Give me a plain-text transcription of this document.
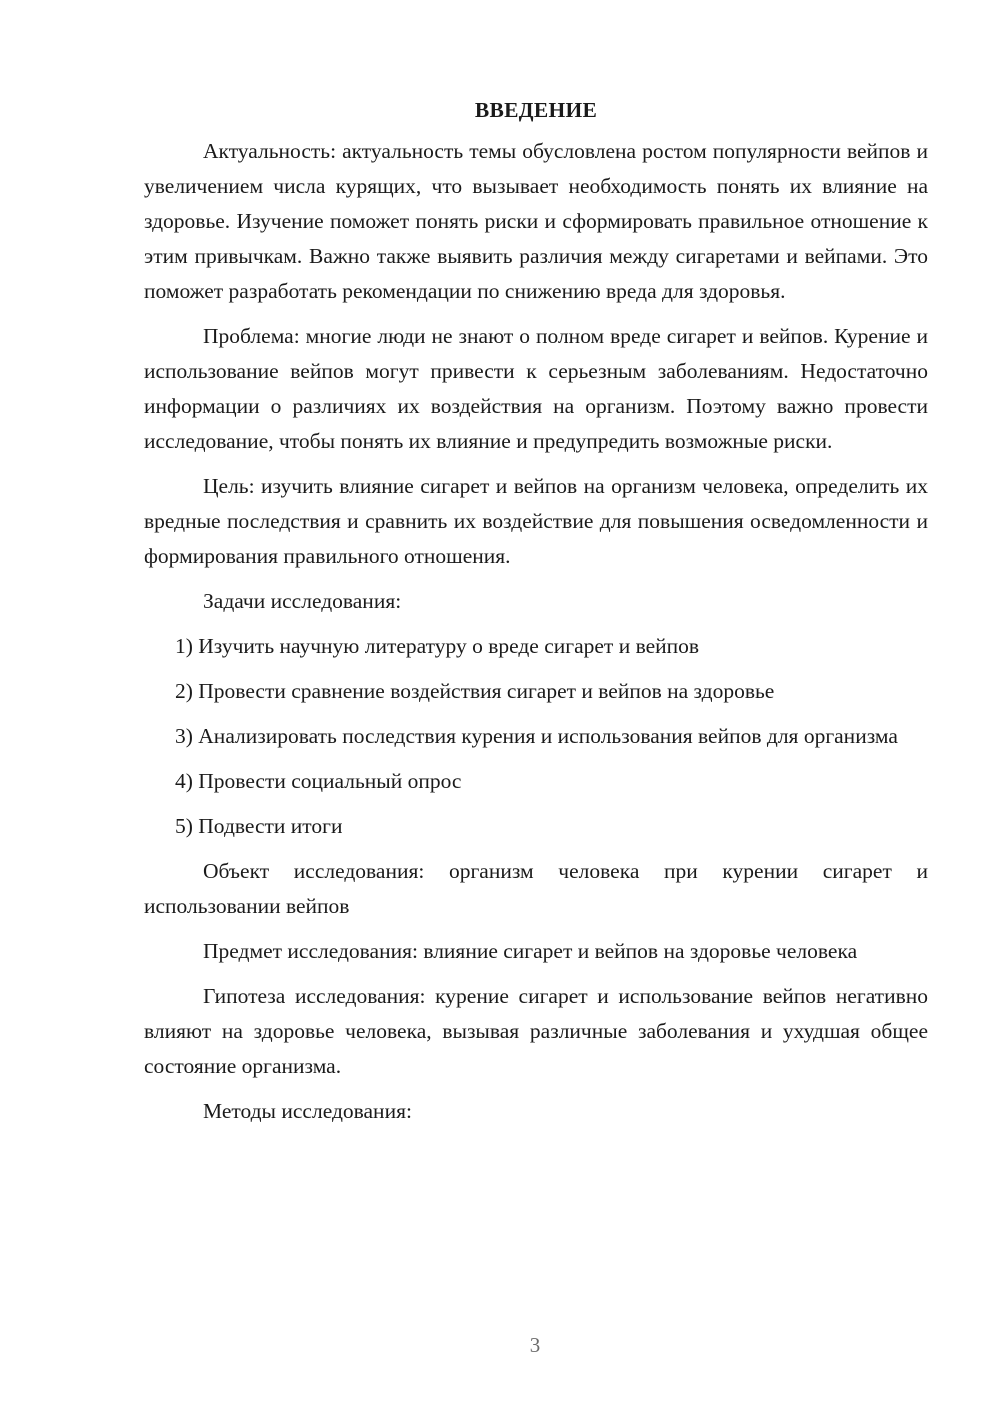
ВВЕДЕНИЕ
Актуальность: актуальность темы обусловлена ростом популярности вейпов и увеличением числа курящих, что вызывает необходимость понять их влияние на здоровье. Изучение поможет понять риски и сформировать правильное отношение к этим привычкам. Важно также выявить различия между сигаретами и вейпами. Это поможет разработать рекомендации по снижению вреда для здоровья.
Проблема: многие люди не знают о полном вреде сигарет и вейпов. Курение и использование вейпов могут привести к серьезным заболеваниям. Недостаточно информации о различиях их воздействия на организм. Поэтому важно провести исследование, чтобы понять их влияние и предупредить возможные риски.
Цель: изучить влияние сигарет и вейпов на организм человека, определить их вредные последствия и сравнить их воздействие для повышения осведомленности и формирования правильного отношения.
Задачи исследования:
1) Изучить научную литературу о вреде сигарет и вейпов
2) Провести сравнение воздействия сигарет и вейпов на здоровье
3) Анализировать последствия курения и использования вейпов для организма
4) Провести социальный опрос
5) Подвести итоги
Объект исследования: организм человека при курении сигарет и использовании вейпов
Предмет исследования: влияние сигарет и вейпов на здоровье человека
Гипотеза исследования: курение сигарет и использование вейпов негативно влияют на здоровье человека, вызывая различные заболевания и ухудшая общее состояние организма.
Методы исследования:
3
